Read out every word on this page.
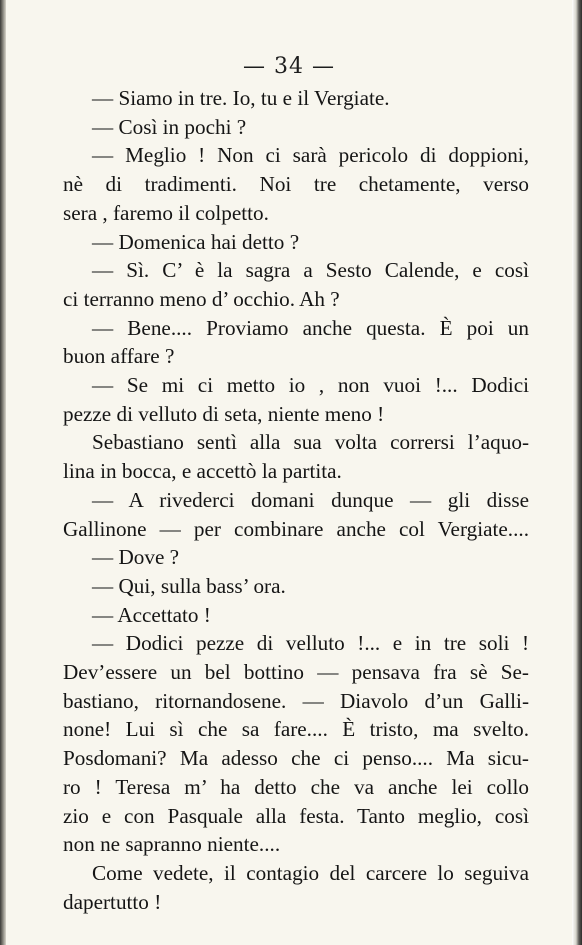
— 34 —
— Siamo in tre. Io, tu e il Vergiate.
— Così in pochi ?
— Meglio ! Non ci sarà pericolo di doppioni,
nè di tradimenti. Noi tre chetamente, verso
sera , faremo il colpetto.
— Domenica hai detto ?
— Sì. C’ è la sagra a Sesto Calende, e così
ci terranno meno d’ occhio. Ah ?
— Bene.... Proviamo anche questa. È poi un
buon affare ?
— Se mi ci metto io , non vuoi !... Dodici
pezze di velluto di seta, niente meno !
Sebastiano sentì alla sua volta corrersi l’aquo-
lina in bocca, e accettò la partita.
— A rivederci domani dunque — gli disse
Gallinone — per combinare anche col Vergiate....
— Dove ?
— Qui, sulla bass’ ora.
— Accettato !
— Dodici pezze di velluto !... e in tre soli !
Dev’essere un bel bottino — pensava fra sè Se-
bastiano, ritornandosene. — Diavolo d’un Galli-
none! Lui sì che sa fare.... È tristo, ma svelto.
Posdomani? Ma adesso che ci penso.... Ma sicu-
ro ! Teresa m’ ha detto che va anche lei collo
zio e con Pasquale alla festa. Tanto meglio, così
non ne sapranno niente....
Come vedete, il contagio del carcere lo seguiva
dapertutto !
